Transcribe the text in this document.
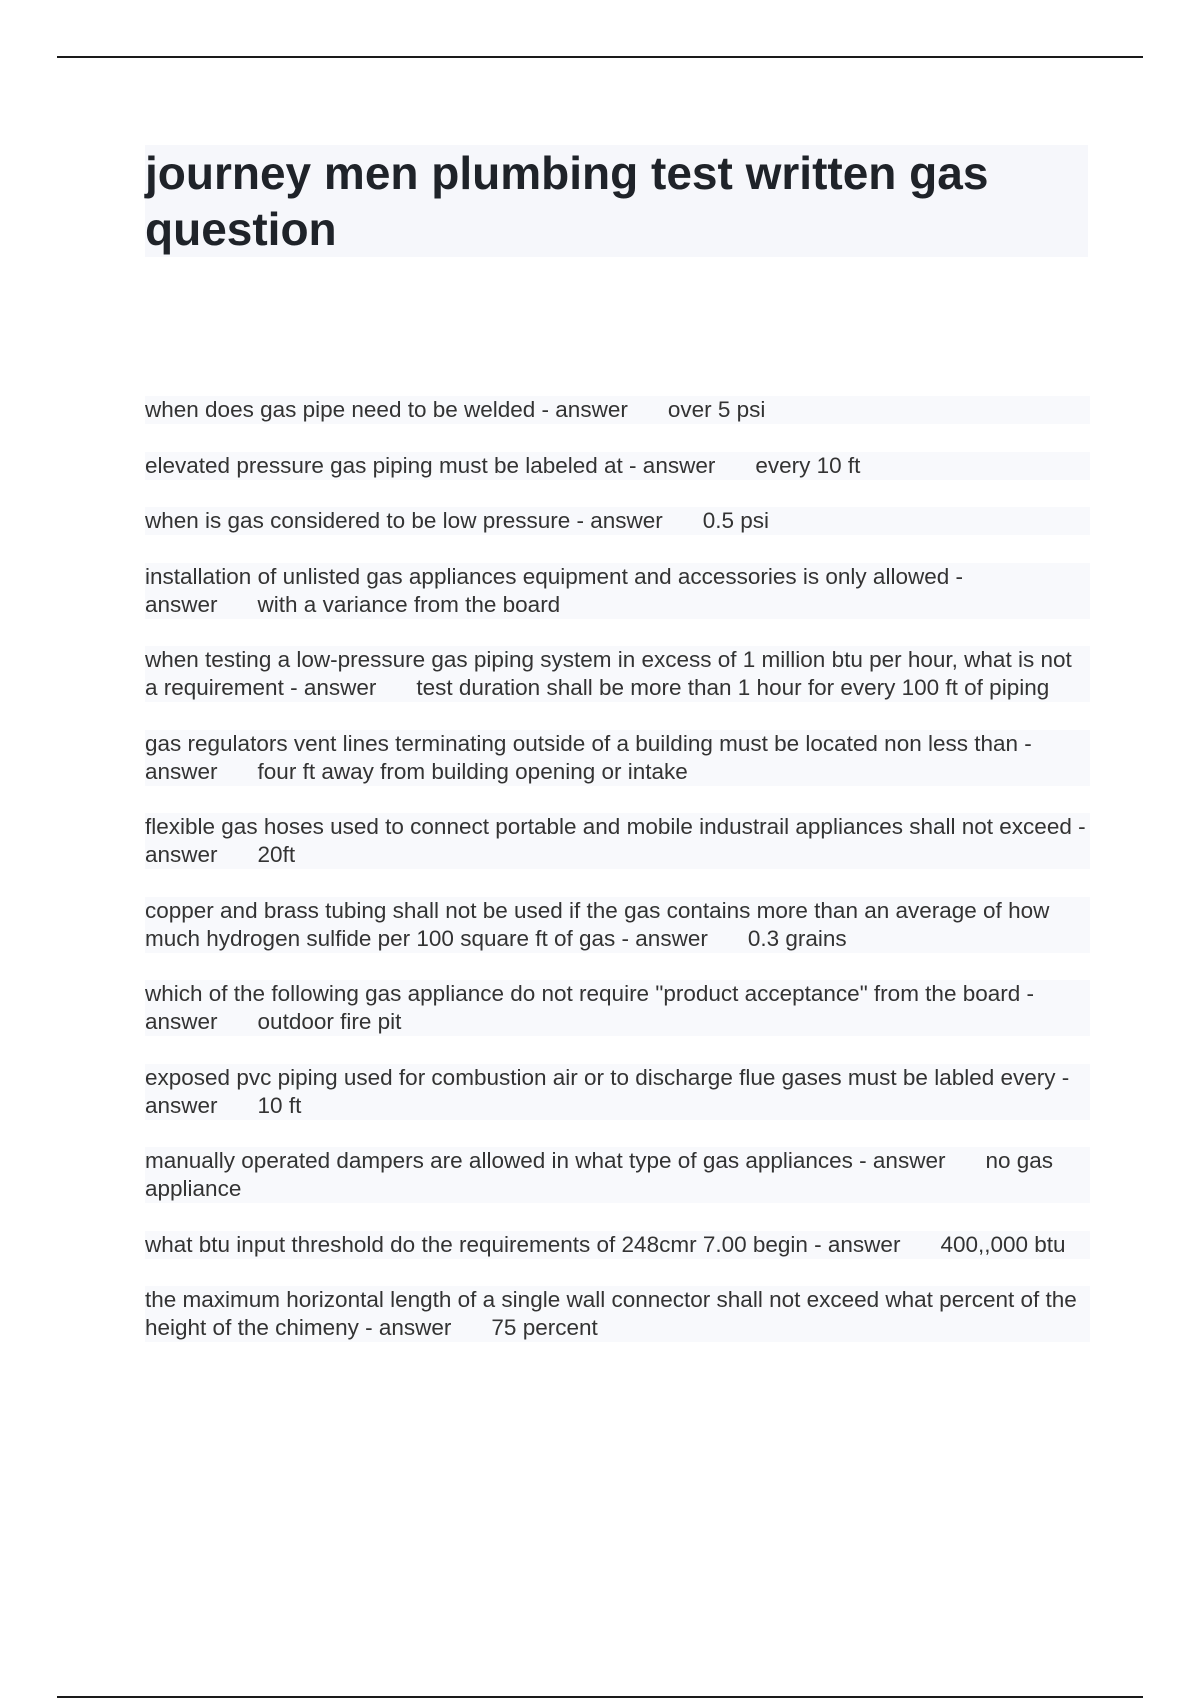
journey men plumbing test written gas question
when does gas pipe need to be welded - answer over 5 psi
elevated pressure gas piping must be labeled at - answer every 10 ft
when is gas considered to be low pressure - answer 0.5 psi
installation of unlisted gas appliances equipment and accessories is only allowed - answer with a variance from the board
when testing a low-pressure gas piping system in excess of 1 million btu per hour, what is not a requirement - answer test duration shall be more than 1 hour for every 100 ft of piping
gas regulators vent lines terminating outside of a building must be located non less than - answer four ft away from building opening or intake
flexible gas hoses used to connect portable and mobile industrail appliances shall not exceed - answer 20ft
copper and brass tubing shall not be used if the gas contains more than an average of how much hydrogen sulfide per 100 square ft of gas - answer 0.3 grains
which of the following gas appliance do not require "product acceptance" from the board - answer outdoor fire pit
exposed pvc piping used for combustion air or to discharge flue gases must be labled every - answer 10 ft
manually operated dampers are allowed in what type of gas appliances - answer no gas appliance
what btu input threshold do the requirements of 248cmr 7.00 begin - answer 400,,000 btu
the maximum horizontal length of a single wall connector shall not exceed what percent of the height of the chimeny - answer 75 percent
